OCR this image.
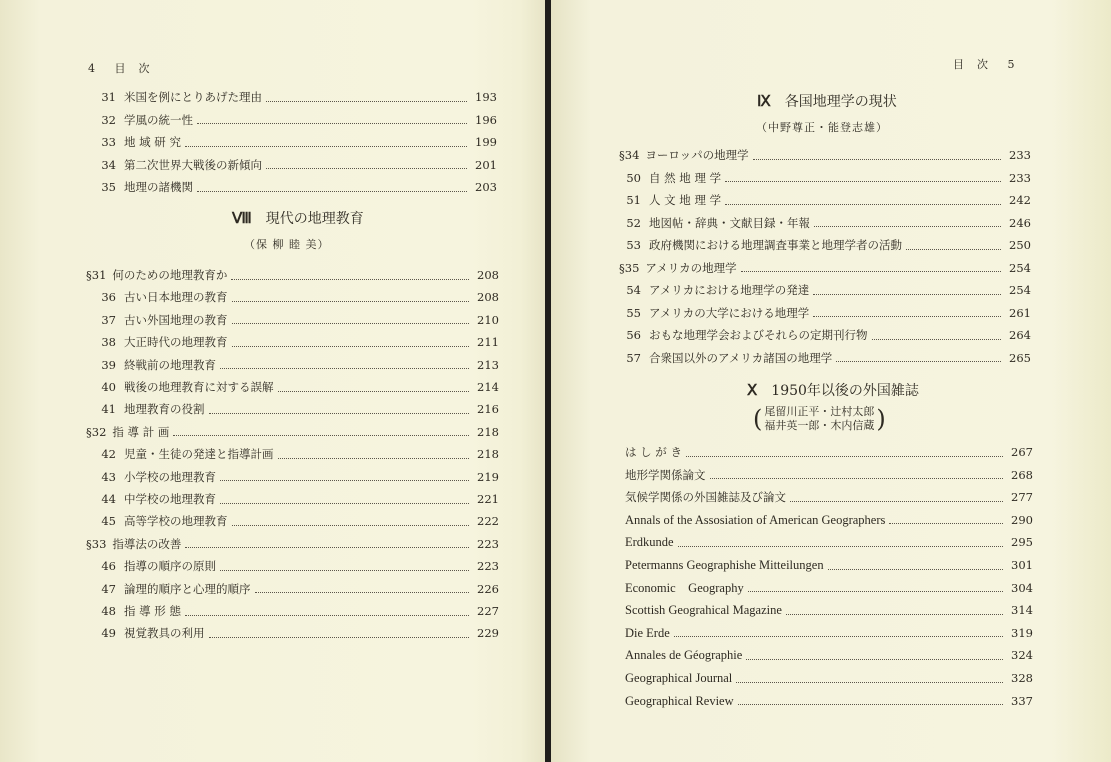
4 目　次
31 米国を例にとりあげた理由	193
32 学風の統一性	196
33 地 域 研 究	199
34 第二次世界大戦後の新傾向	201
35 地理の諸機関	203
Ⅷ 現代の地理教育
（保 柳 睦 美）
§31 何のための地理教育か	208
36 古い日本地理の教育	208
37 古い外国地理の教育	210
38 大正時代の地理教育	211
39 終戦前の地理教育	213
40 戦後の地理教育に対する誤解	214
41 地理教育の役割	216
§32 指 導 計 画	218
42 児童・生徒の発達と指導計画	218
43 小学校の地理教育	219
44 中学校の地理教育	221
45 高等学校の地理教育	222
§33 指導法の改善	223
46 指導の順序の原則	223
47 論理的順序と心理的順序	226
48 指 導 形 態	227
49 視覚教具の利用	229
目　次 5
Ⅸ 各国地理学の現状
（中野尊正・能登志雄）
§34 ヨーロッパの地理学	233
50 自 然 地 理 学	233
51 人 文 地 理 学	242
52 地図帖・辞典・文献目録・年報	246
53 政府機関における地理調査事業と地理学者の活動	250
§35 アメリカの地理学	254
54 アメリカにおける地理学の発達	254
55 アメリカの大学における地理学	261
56 おもな地理学会およびそれらの定期刊行物	264
57 合衆国以外のアメリカ諸国の地理学	265
Ⅹ 1950年以後の外国雑誌
( 尾留川正平・辻村太郎
福井英一郎・木内信蔵 )
は し が き	267
地形学関係論文	268
気候学関係の外国雑誌及び論文	277
Annals of the Assosiation of American Geographers	290
Erdkunde	295
Petermanns Geographishe Mitteilungen	301
Economic　Geography	304
Scottish Geograhical Magazine	314
Die Erde	319
Annales de Géographie	324
Geographical Journal	328
Geographical Review	337
